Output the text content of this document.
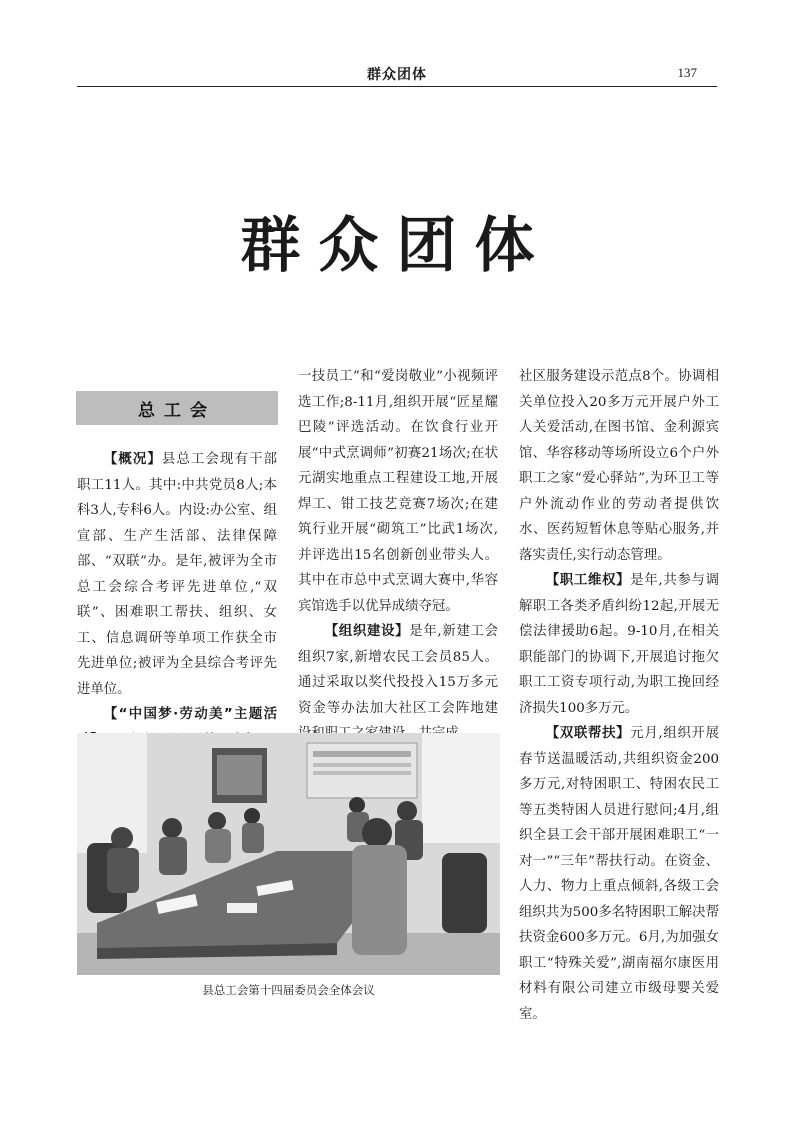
群众团体	137
群众团体
总工会

【概况】县总工会现有干部职工11人。其中:中共党员8人;本科3人,专科6人。内设:办公室、组宣部、生产生活部、法律保障部、“双联”办。是年,被评为全市总工会综合考评先进单位,“双联”、困难职工帮扶、组织、女工、信息调研等单项工作获全市先进单位;被评为全县综合考评先进单位。

【“中国梦·劳动美”主题活

一技员工”和“爱岗敬业”小视频评选工作;8-11月,组织开展“匠星耀巴陵”评选活动。在饮食行业开展“中式烹调师”初赛21场次;在状元湖实地重点工程建设工地,开展焊工、钳工技艺竞赛7场次;在建筑行业开展“砌筑工”比武1场次,并评选出15名创新创业带头人。其中在市总中式烹调大赛中,华容宾馆选手以优异成绩夺冠。

【组织建设】是年,新建工会组织7家,新增农民工会员85人。通过采取以奖代投投入15万多元资金等办法加大社区工会阵地建

社区服务建设示范点8个。协调相关单位投入20多万元开展户外工人关爱活动,在图书馆、金利源宾馆、华容移动等场所设立6个户外职工之家“爱心驿站”,为环卫工等户外流动作业的劳动者提供饮水、医药短暂休息等贴心服务,并落实责任,实行动态管理。

【职工维权】是年,共参与调解职工各类矛盾纠纷12起,开展无偿法律援助6起。9-10月,在相关职能部门的协调下,开展追讨拖欠职工工资专项行动,为职工挽回经济损失100多万元。

【双联帮扶】元月,组织开展春节送温暖活动,共组织资金200多万元,对特困职工、特困农民工等五类特困人员进行慰问;4月,组织全县工会干部开展困难职工“一对一”“三年”帮扶行动。在资金、人力、物力上重点倾斜,各级工会组织共为500多名特困职工解决帮扶资金600多万元。6月,为加强女职工“特殊关爱”,湖南福尔康医用材料有限公司建立市级母婴关爱室。

县总工会第十四届委员会全体会议
